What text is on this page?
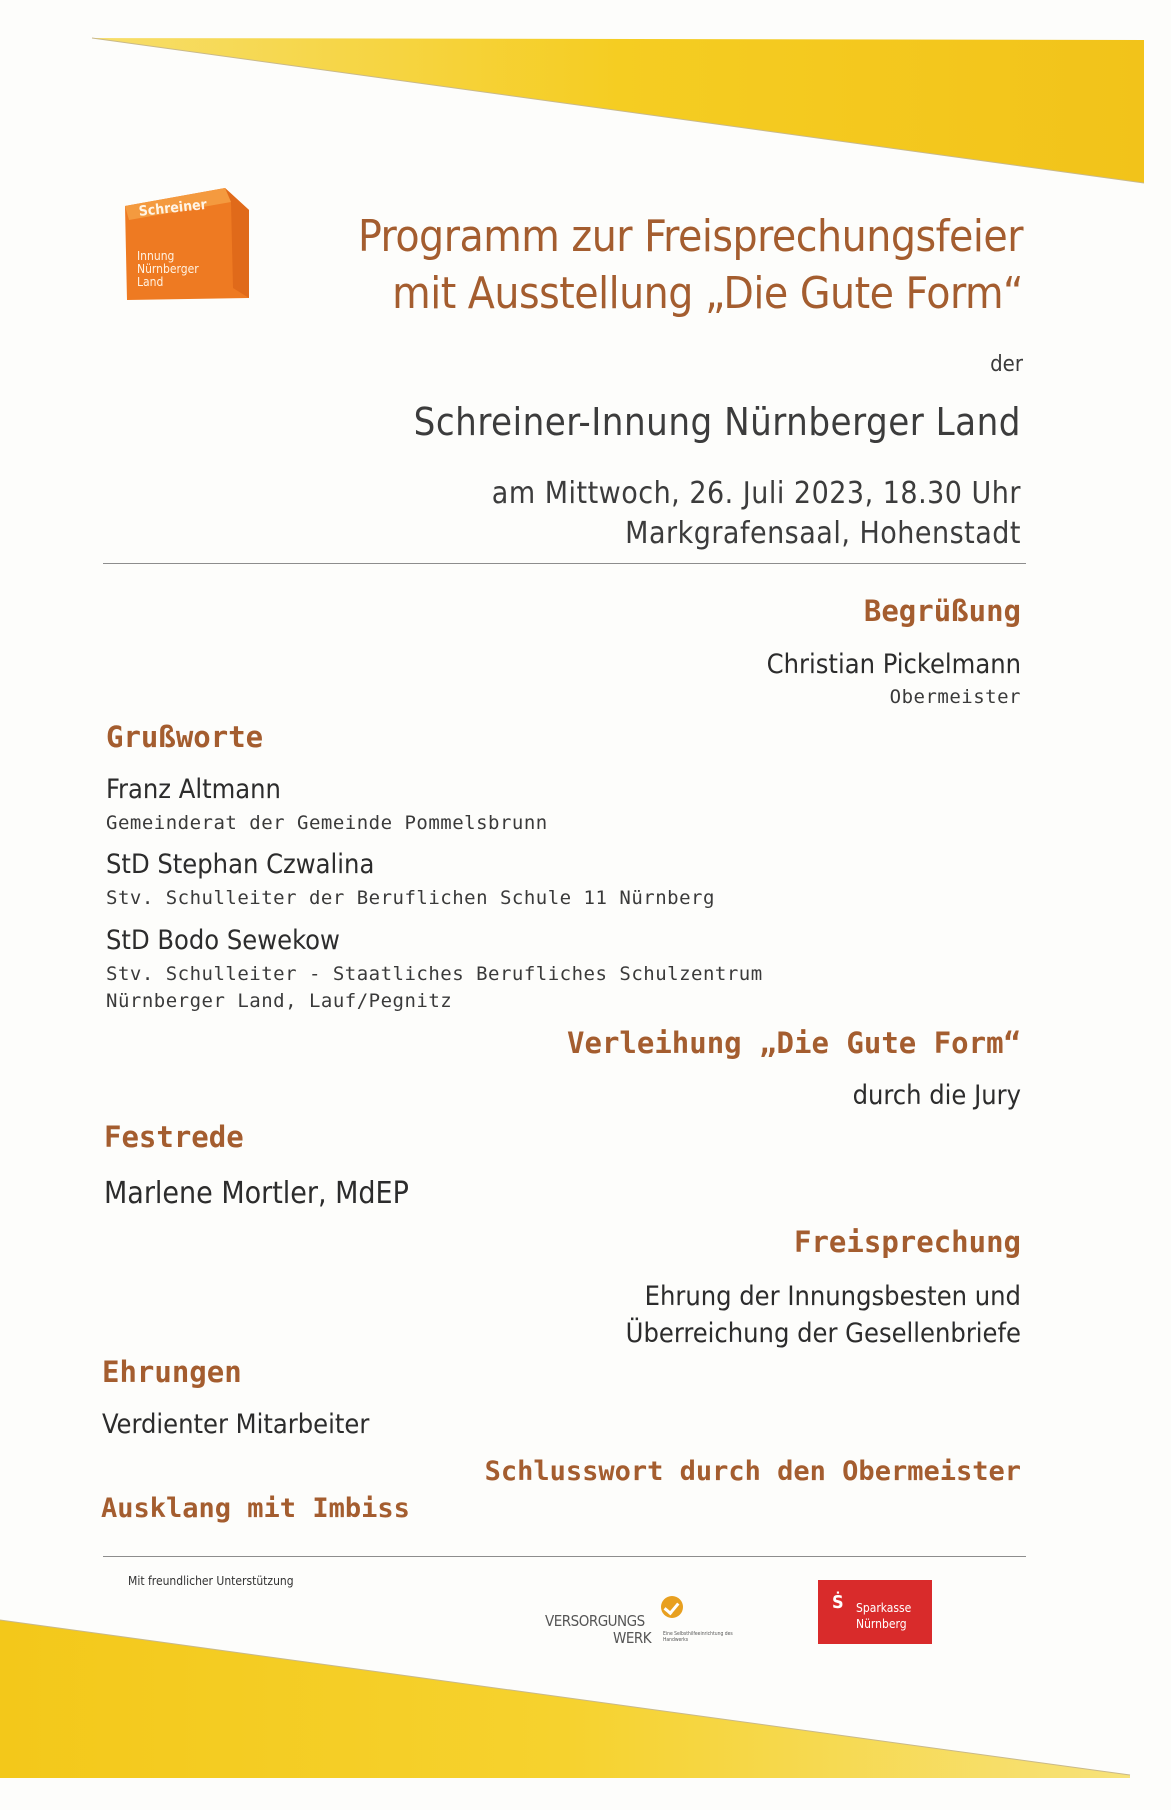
Schreiner
Innung
Nürnberger
Land
Programm zur Freisprechungsfeier
mit Ausstellung „Die Gute Form“
der
Schreiner-Innung Nürnberger Land
am Mittwoch, 26. Juli 2023, 18.30 Uhr
Markgrafensaal, Hohenstadt
Begrüßung
Christian Pickelmann
Obermeister
Grußworte
Franz Altmann
Gemeinderat der Gemeinde Pommelsbrunn
StD Stephan Czwalina
Stv. Schulleiter der Beruflichen Schule 11 Nürnberg
StD Bodo Sewekow
Stv. Schulleiter - Staatliches Berufliches Schulzentrum
Nürnberger Land, Lauf/Pegnitz
Verleihung „Die Gute Form“
durch die Jury
Festrede
Marlene Mortler, MdEP
Freisprechung
Ehrung der Innungsbesten und
Überreichung der Gesellenbriefe
Ehrungen
Verdienter Mitarbeiter
Schlusswort durch den Obermeister
Ausklang mit Imbiss
Mit freundlicher Unterstützung
VERSORGUNGS
WERK Eine Selbsthilfeeinrichtung des Handwerks
Ṡ Sparkasse
Nürnberg
